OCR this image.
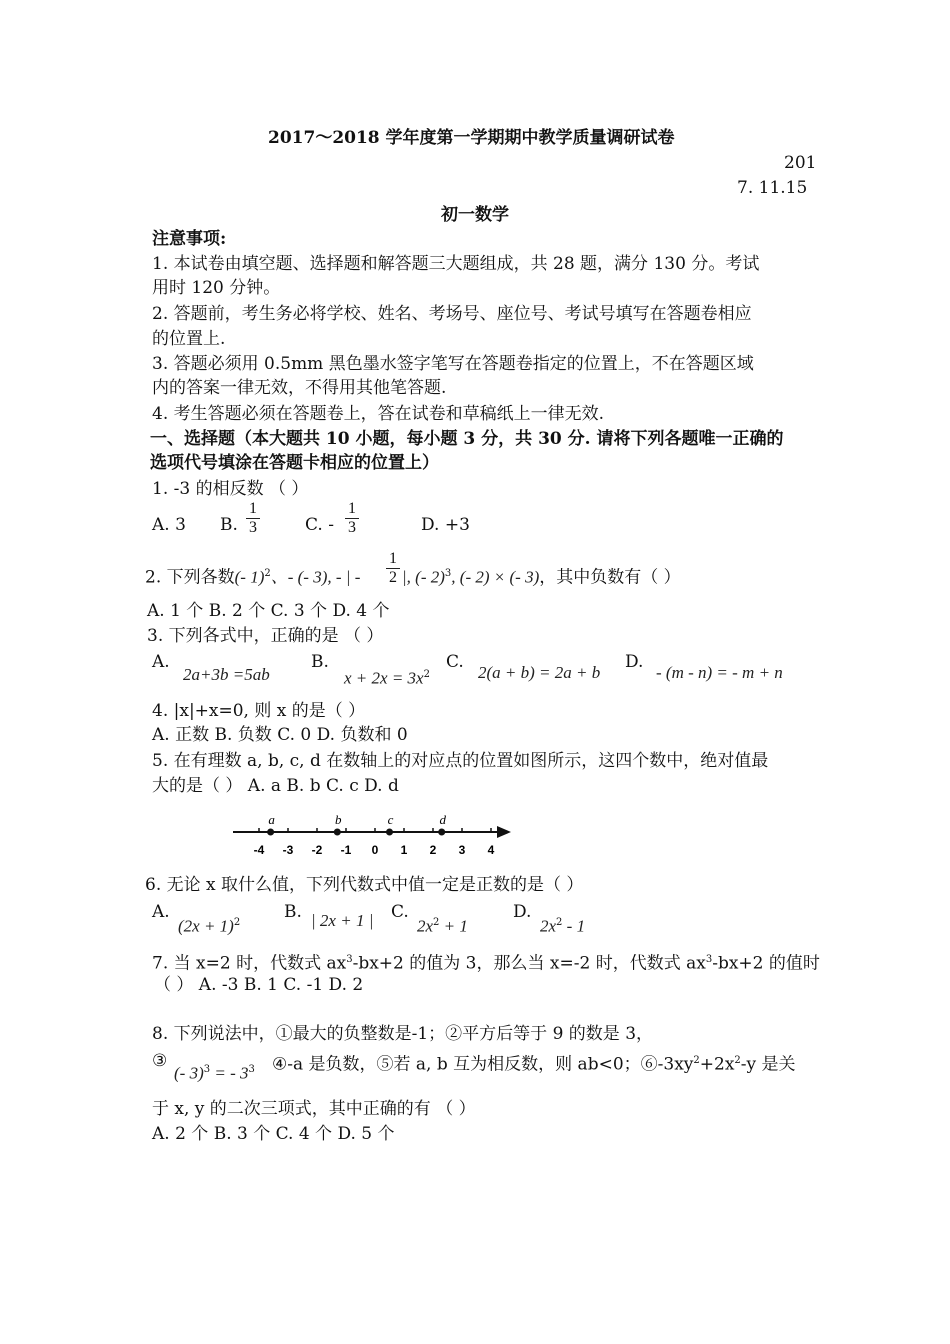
2017～2018 学年度第一学期期中教学质量调研试卷
201
7. 11.15
初一数学
注意事项:
1. 本试卷由填空题、选择题和解答题三大题组成，共 28 题，满分 130 分。考试
用时 120 分钟。
2. 答题前，考生务必将学校、姓名、考场号、座位号、考试号填写在答题卷相应
的位置上.
3. 答题必须用 0.5mm 黑色墨水签字笔写在答题卷指定的位置上，不在答题区域
内的答案一律无效，不得用其他笔答题.
4. 考生答题必须在答题卷上，答在试卷和草稿纸上一律无效.
一、选择题（本大题共 10 小题，每小题 3 分，共 30 分. 请将下列各题唯一正确的
选项代号填涂在答题卡相应的位置上）
1. -3 的相反数 （ ）
A. 3 B. $\frac{1}{3}$	C. - $\frac{1}{3}$	D. +3
2. 下列各数(- 1)$^2$、- (- 3), - | - $\frac{1}{2}$ |, (- 2)$^3$, (- 2) × (- 3)，其中负数有（ ）
A. 1 个 B. 2 个 C. 3 个 D. 4 个
3. 下列各式中，正确的是 （ ）
A.
2a+3b =5ab
B.
$x + 2x = 3x^2$
C.
2(a + b) = 2a + b
D.
- (m - n) = - m + n
4. |x|+x=0, 则 x 的是（ ）
A. 正数 B. 负数 C. 0 D. 负数和 0
5. 在有理数 a, b, c, d 在数轴上的对应点的位置如图所示，这四个数中，绝对值最
大的是（ ） A. a B. b C. c D. d
-4 -3 -2 -1 0 1 2 3 4
a	b	c	d
6. 无论 x 取什么值，下列代数式中值一定是正数的是（ ）
A.
$(2x + 1)^2$
B. | 2x + 1 | C.
$2x^2 + 1$
D.
$2x^2 - 1$
7. 当 x=2 时，代数式 $ax^3-bx+2$ 的值为 3，那么当 x=-2 时，代数式 $ax^3-bx+2$ 的值时
（ ） A. -3 B. 1 C. -1 D. 2
8. 下列说法中，①最大的负整数是-1；②平方后等于 9 的数是 3，
③
(- 3)$^3$ = - $3^3$ ④-a 是负数，⑤若 a, b 互为相反数，则 ab<0；$⑥-3xy^2+2x^2-y$ 是关
于 x, y 的二次三项式，其中正确的有 （ ）
A. 2 个 B. 3 个 C. 4 个 D. 5 个
